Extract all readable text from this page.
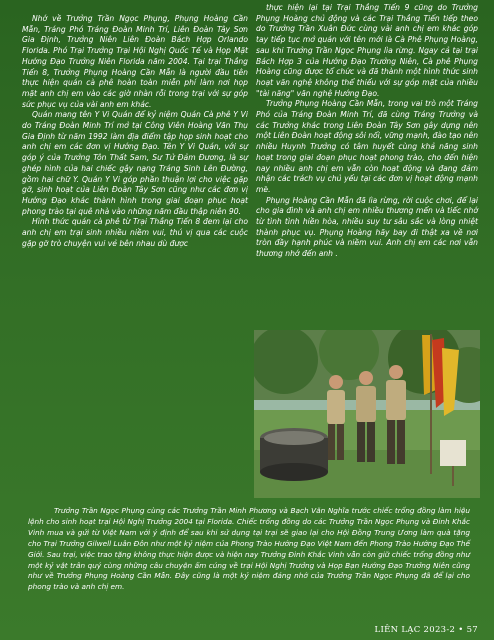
Nhớ về Trưởng Trần Ngọc Phụng, Phụng Hoàng Cần Mẫn, Tráng Phó Tráng Đoàn Minh Trí, Liên Đoàn Tây Sơn Gia Định, Trưởng Niên Liên Đoàn Bách Hợp Orlando Florida. Phó Trại Trưởng Trại Hội Nghị Quốc Tế và Họp Mặt Hướng Đạo Trưởng Niên Florida năm 2004. Tại trại Thắng Tiến 8, Trưởng Phụng Hoàng Cần Mẫn là người đầu tiên thực hiện quán cà phê hoàn toàn miễn phí làm nơi họp mặt anh chị em vào các giờ nhàn rỗi trong trại với sự góp sức phục vụ của vài anh em khác.

Quán mang tên Y Vi Quán để kỷ niệm Quán Cà phê Y Vi do Tráng Đoàn Minh Trí mở tại Công Viên Hoàng Văn Thụ Gia Định từ năm 1992 làm địa điểm tập họp sinh hoạt cho anh chị em các đơn vị Hướng Đạo. Tên Y Vi Quán, với sự góp ý của Trưởng Tôn Thất Sam, Sư Tử Đảm Đương, là sự ghép hình của hai chiếc gậy nạng Tráng Sinh Lên Đường, gồm hai chữ Y. Quán Y Vi góp phần thuận lợi cho việc gặp gỡ, sinh hoạt của Liên Đoàn Tây Sơn cũng như các đơn vị Hướng Đạo khác thành hình trong giai đoạn phục hoạt phong trào tại quê nhà vào những năm đầu thập niên 90.

Hình thức quán cà phê từ Trại Thắng Tiến 8 đem lại cho anh chị em trại sinh nhiều niềm vui, thú vị qua các cuộc gặp gỡ trò chuyện vui vẻ bên nhau dù được

thực hiện lại tại Trại Thắng Tiến 9 cũng do Trưởng Phụng Hoàng chủ động và các Trại Thắng Tiến tiếp theo do Trưởng Trần Xuân Đức cùng vài anh chị em khác góp tay tiếp tục mở quán với tên mới là Cà Phê Phụng Hoàng, sau khi Trưởng Trần Ngọc Phụng lìa rừng. Ngay cả tại trại Bách Hợp 3 của Hướng Đạo Trưởng Niên, Cà phê Phụng Hoàng cũng được tổ chức và đã thành một hình thức sinh hoạt văn nghệ không thể thiếu với sự góp mặt của nhiều "tài năng" văn nghệ Hướng Đạo.

Trưởng Phụng Hoàng Cần Mẫn, trong vai trò một Tráng Phó của Tráng Đoàn Minh Trí, đã cùng Tráng Trưởng và các Trưởng khác trong Liên Đoàn Tây Sơn gây dựng nên một Liên Đoàn hoạt động sôi nổi, vững mạnh, đào tạo nên nhiều Huynh Trưởng có tâm huyết cùng khả năng sinh hoạt trong giai đoạn phục hoạt phong trào, cho đến hiện nay nhiều anh chị em vẫn còn hoạt động và đang đảm nhận các trách vụ chủ yếu tại các đơn vị hoạt động mạnh mẽ.

Phụng Hoàng Cần Mẫn đã lìa rừng, rời cuộc chơi, để lại cho gia đình và anh chị em nhiều thương mến và tiếc nhớ từ tình tình hiền hòa, nhiều suy tư sâu sắc và lòng nhiệt thành phục vụ. Phụng Hoàng hãy bay đi thật xa về nơi tròn đầy hạnh phúc và niềm vui. Anh chị em các nơi vẫn thương nhớ đến anh .

Trưởng Trần Ngọc Phụng cùng các Trưởng Trần Minh Phương và Bạch Văn Nghĩa trước chiếc trống đồng làm hiệu lệnh cho sinh hoạt trại Hội Nghị Trưởng 2004 tại Florida. Chiếc trống đồng do các Trưởng Trần Ngọc Phụng và Đinh Khắc Vinh mua và gửi từ Việt Nam với ý định để sau khi sử dụng tại trại sẽ giao lại cho Hội Đồng Trung Ương làm quà tặng cho Trại Trưởng Gilwell Luân Đôn như một kỷ niệm của Phong Trào Hướng Đạo Việt Nam đến Phong Trào Hướng Đạo Thế Giới. Sau trại, việc trao tặng không thực hiện được và hiện nay Trưởng Đinh Khắc Vinh vẫn còn giữ chiếc trống đồng như một kỷ vật trân quý cùng những câu chuyện ấm cúng về trại Hội Nghị Trưởng và Họp Bạn Hướng Đạo Trưởng Niên cũng như về Trưởng Phụng Hoàng Cần Mẫn. Đây cũng là một kỷ niệm đáng nhớ của Trưởng Trần Ngọc Phụng đã để lại cho phong trào và anh chị em.

LIÊN LẠC 2023-2 • 57
